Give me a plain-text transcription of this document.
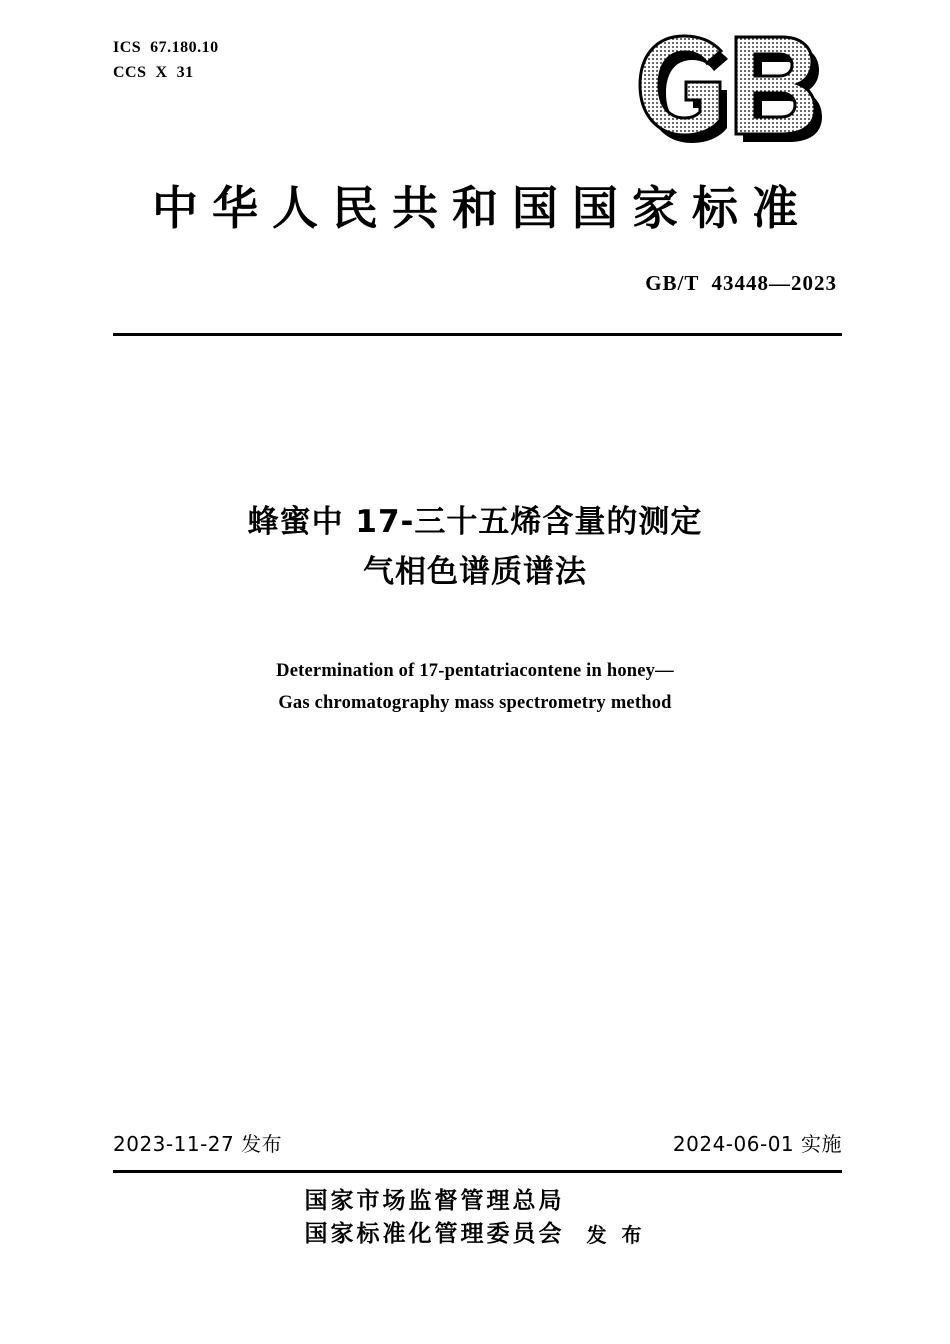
ICS  67.180.10
CCS  X  31
中华人民共和国国家标准
GB/T  43448—2023
蜂蜜中 17-三十五烯含量的测定
气相色谱质谱法
Determination of 17-pentatriacontene in honey—
Gas chromatography mass spectrometry method
2023-11-27 发布	2024-06-01 实施
国家市场监督管理总局
国家标准化管理委员会 发 布
